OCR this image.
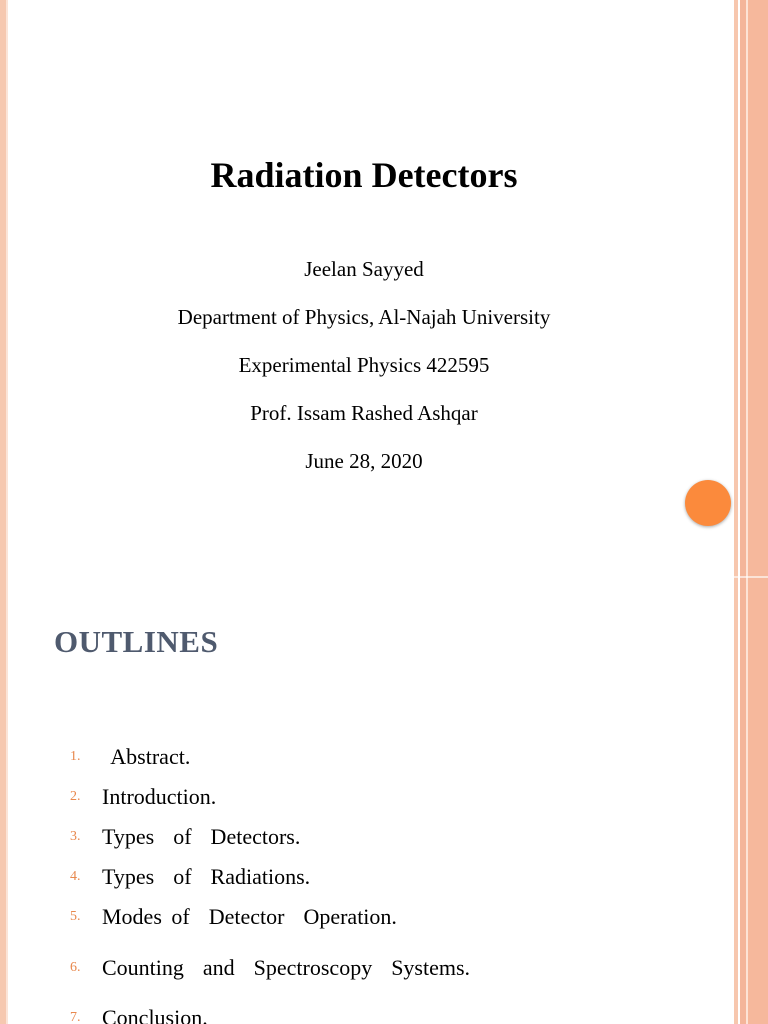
Radiation Detectors
Jeelan Sayyed
Department of Physics, Al-Najah University
Experimental Physics 422595
Prof. Issam Rashed Ashqar
June 28, 2020
OUTLINES

1. Abstract.

2. Introduction.

3. Types  of  Detectors.

4. Types  of  Radiations.

5. Modes of  Detector  Operation.

6. Counting  and  Spectroscopy  Systems.

7. Conclusion.
